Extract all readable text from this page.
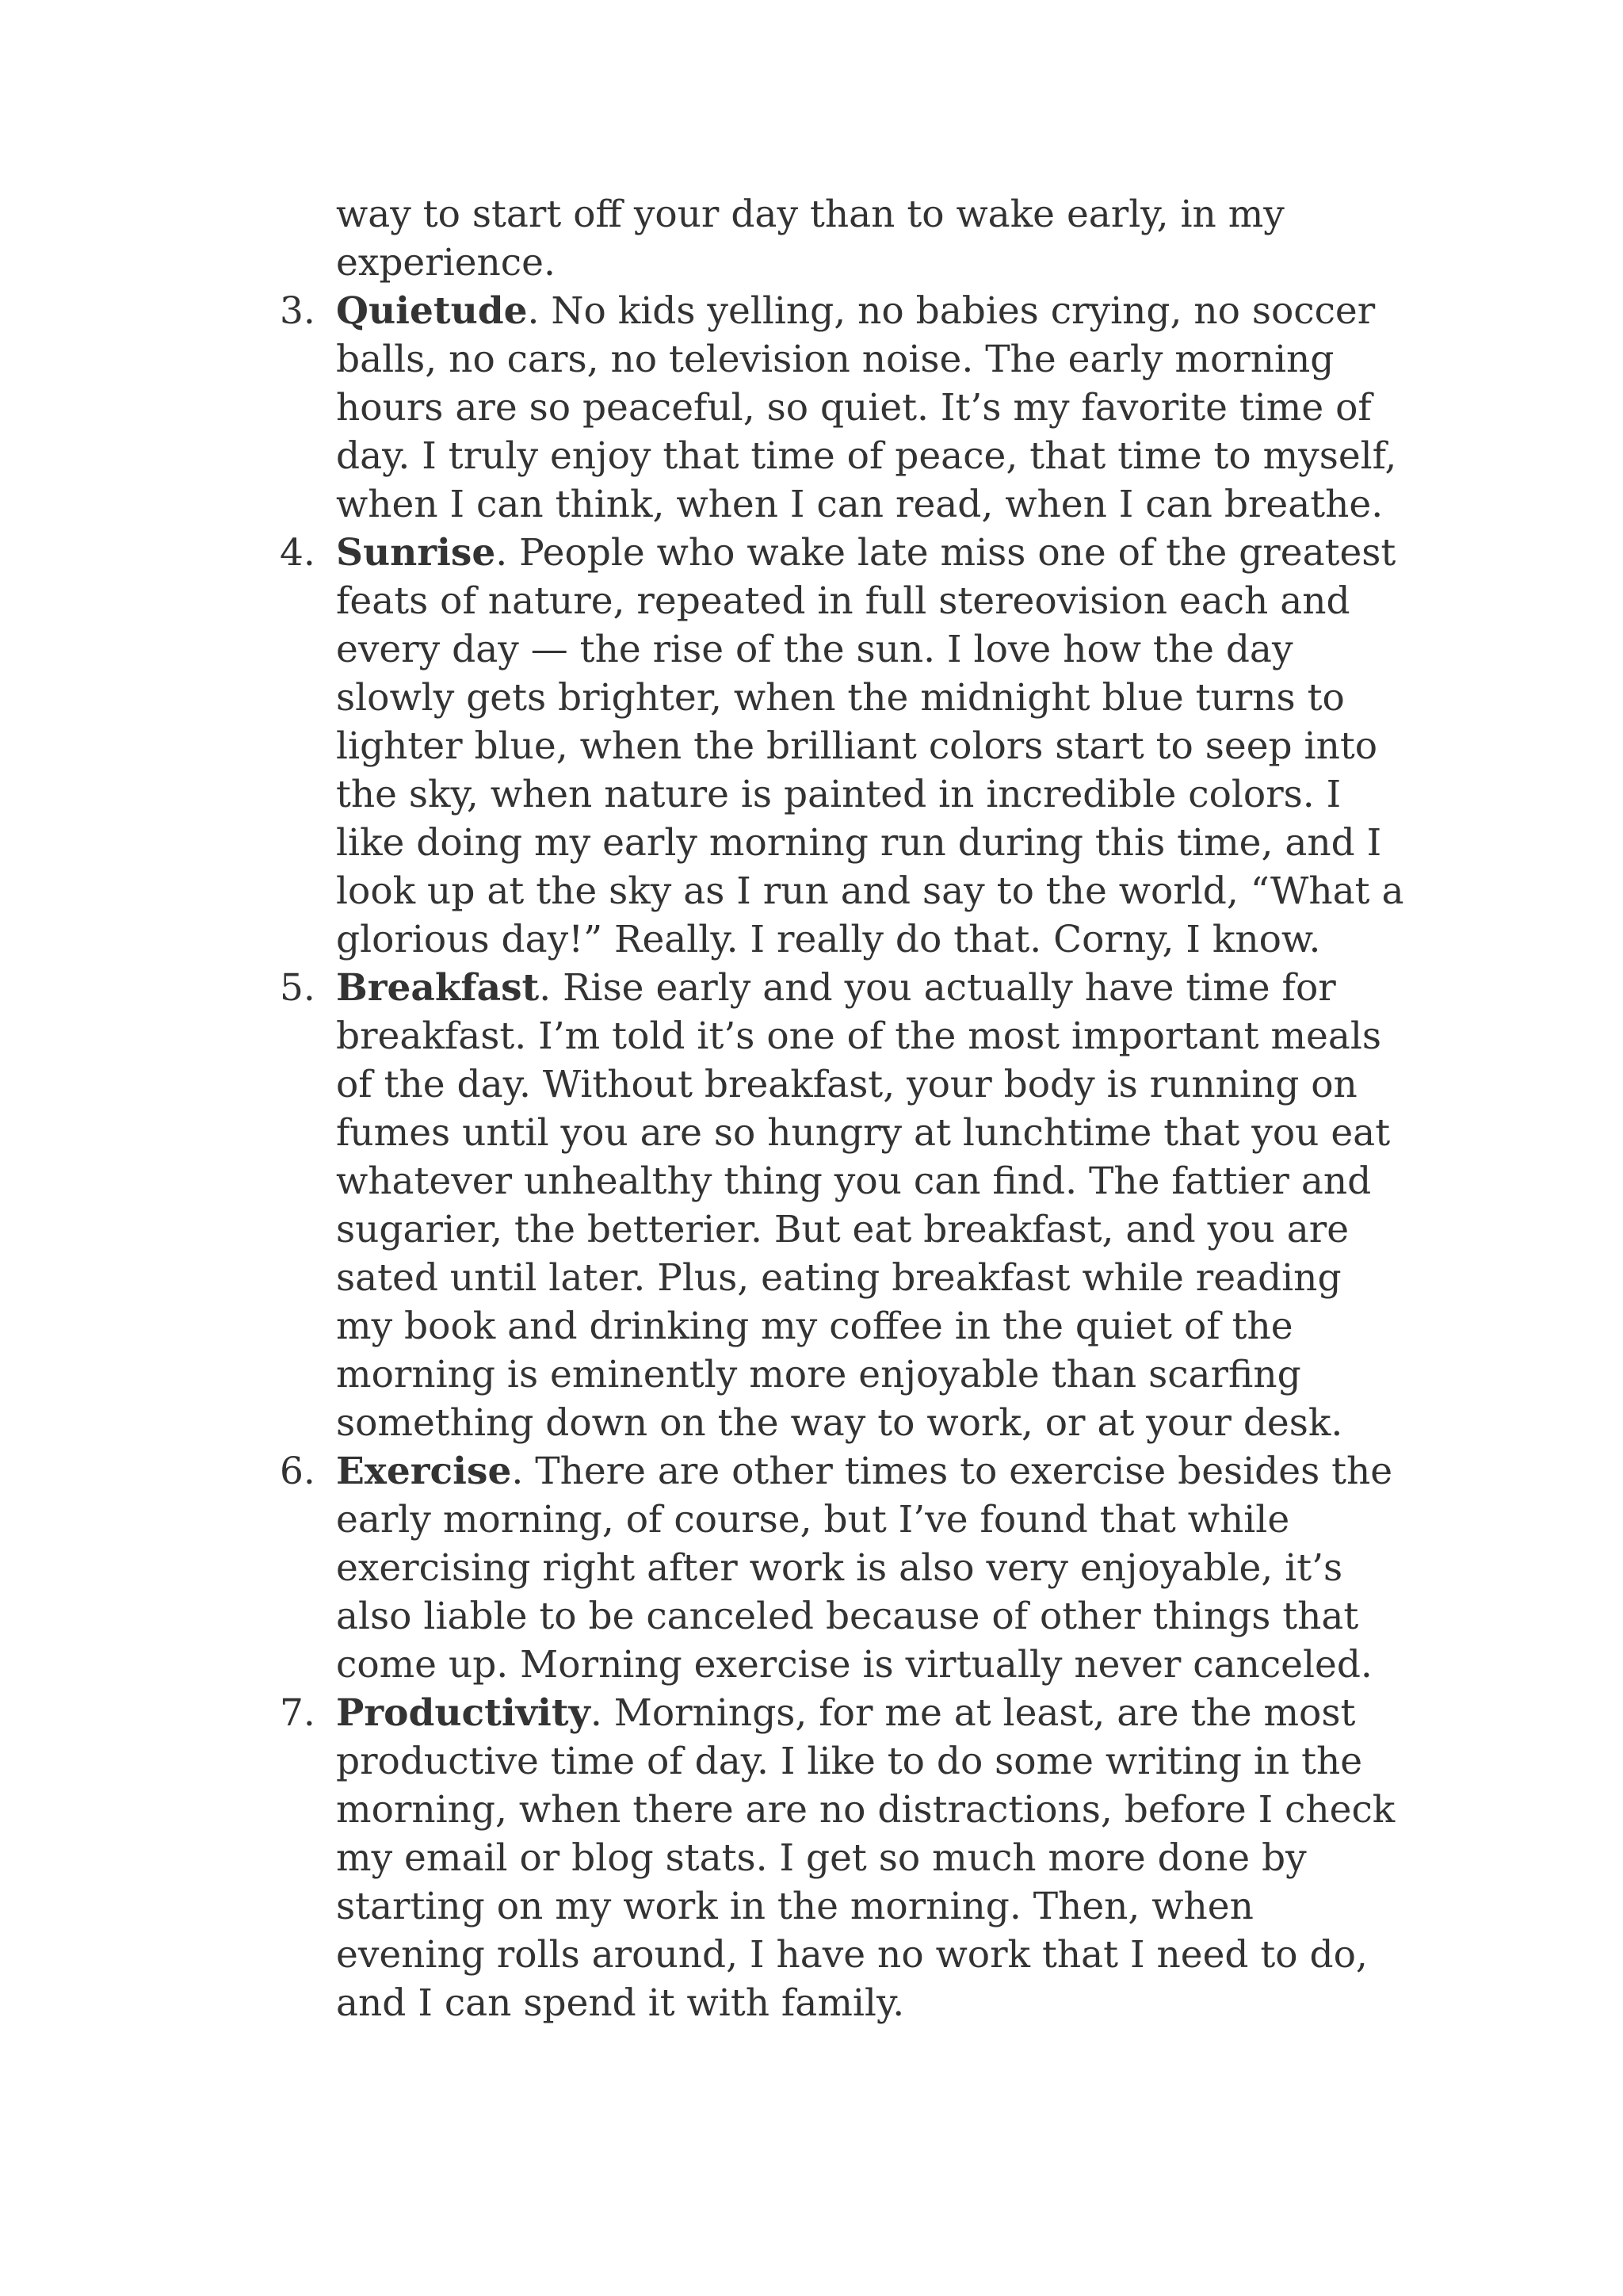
way to start off your day than to wake early, in my experience.

3. Quietude. No kids yelling, no babies crying, no soccer balls, no cars, no television noise. The early morning hours are so peaceful, so quiet. It’s my favorite time of day. I truly enjoy that time of peace, that time to myself, when I can think, when I can read, when I can breathe.
4. Sunrise. People who wake late miss one of the greatest feats of nature, repeated in full stereovision each and every day — the rise of the sun. I love how the day slowly gets brighter, when the midnight blue turns to lighter blue, when the brilliant colors start to seep into the sky, when nature is painted in incredible colors. I like doing my early morning run during this time, and I look up at the sky as I run and say to the world, “What a glorious day!” Really. I really do that. Corny, I know.
5. Breakfast. Rise early and you actually have time for breakfast. I’m told it’s one of the most important meals of the day. Without breakfast, your body is running on fumes until you are so hungry at lunchtime that you eat whatever unhealthy thing you can find. The fattier and sugarier, the betterier. But eat breakfast, and you are sated until later. Plus, eating breakfast while reading my book and drinking my coffee in the quiet of the morning is eminently more enjoyable than scarfing something down on the way to work, or at your desk.
6. Exercise. There are other times to exercise besides the early morning, of course, but I’ve found that while exercising right after work is also very enjoyable, it’s also liable to be canceled because of other things that come up. Morning exercise is virtually never canceled.
7. Productivity. Mornings, for me at least, are the most productive time of day. I like to do some writing in the morning, when there are no distractions, before I check my email or blog stats. I get so much more done by starting on my work in the morning. Then, when evening rolls around, I have no work that I need to do, and I can spend it with family.
